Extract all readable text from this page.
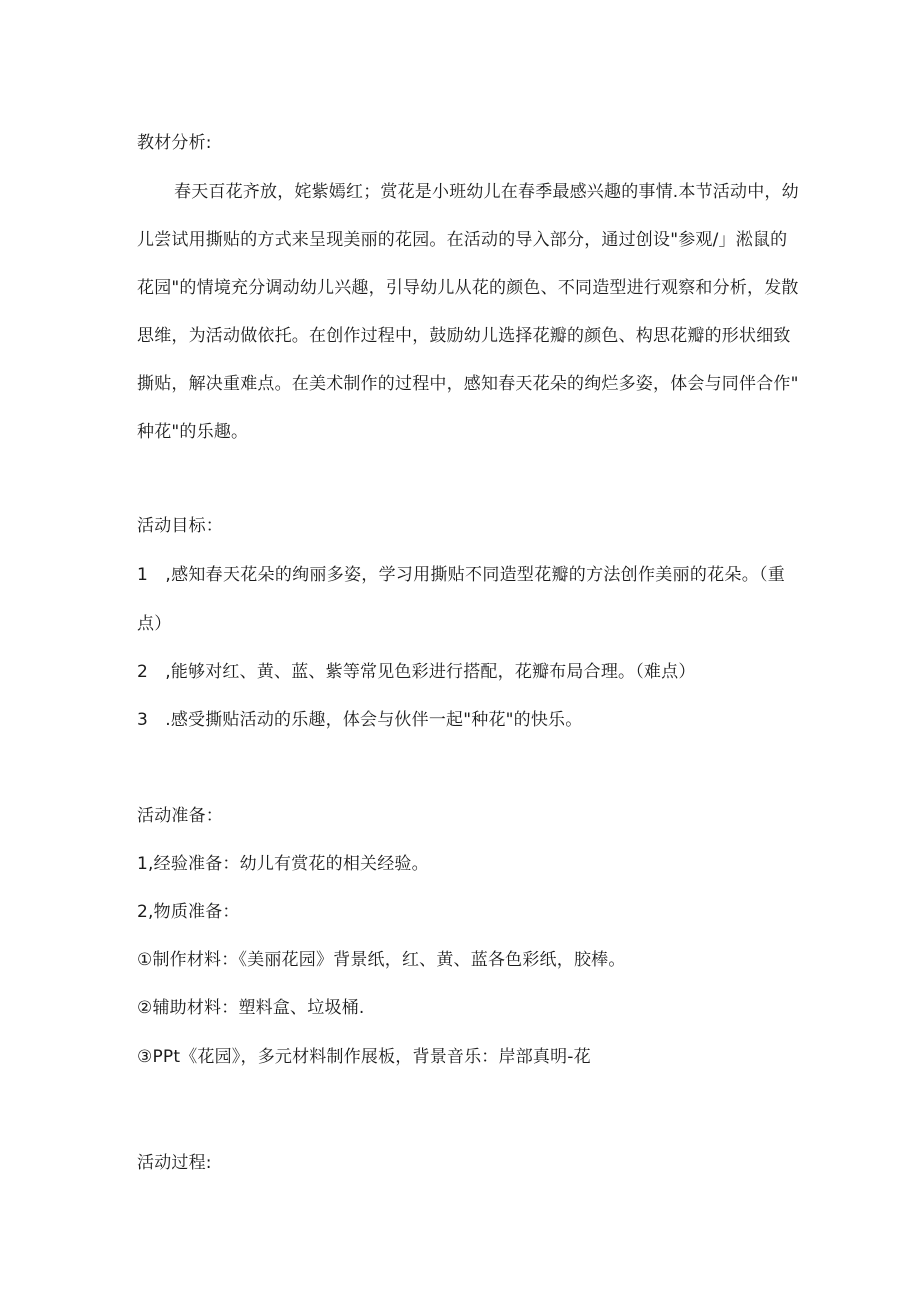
教材分析:
春天百花齐放，姹紫嫣红；赏花是小班幼儿在春季最感兴趣的事情.本节活动中，幼
儿尝试用撕贴的方式来呈现美丽的花园。在活动的导入部分，通过创设"参观/」淞鼠的
花园"的情境充分调动幼儿兴趣，引导幼儿从花的颜色、不同造型进行观察和分析，发散
思维，为活动做依托。在创作过程中，鼓励幼儿选择花瓣的颜色、构思花瓣的形状细致
撕贴，解决重难点。在美术制作的过程中，感知春天花朵的绚烂多姿，体会与同伴合作"
种花"的乐趣。
活动目标：
1　,感知春天花朵的绚丽多姿，学习用撕贴不同造型花瓣的方法创作美丽的花朵。（重
点）
2　,能够对红、黄、蓝、紫等常见色彩进行搭配，花瓣布局合理。（难点）
3　.感受撕贴活动的乐趣，体会与伙伴一起"种花"的快乐。
活动准备：
1,经验准备：幼儿有赏花的相关经验。
2,物质准备：
①制作材料：《美丽花园》背景纸，红、黄、蓝各色彩纸，胶棒。
②辅助材料：塑料盒、垃圾桶.
③PPt《花园》，多元材料制作展板，背景音乐：岸部真明-花
活动过程:
